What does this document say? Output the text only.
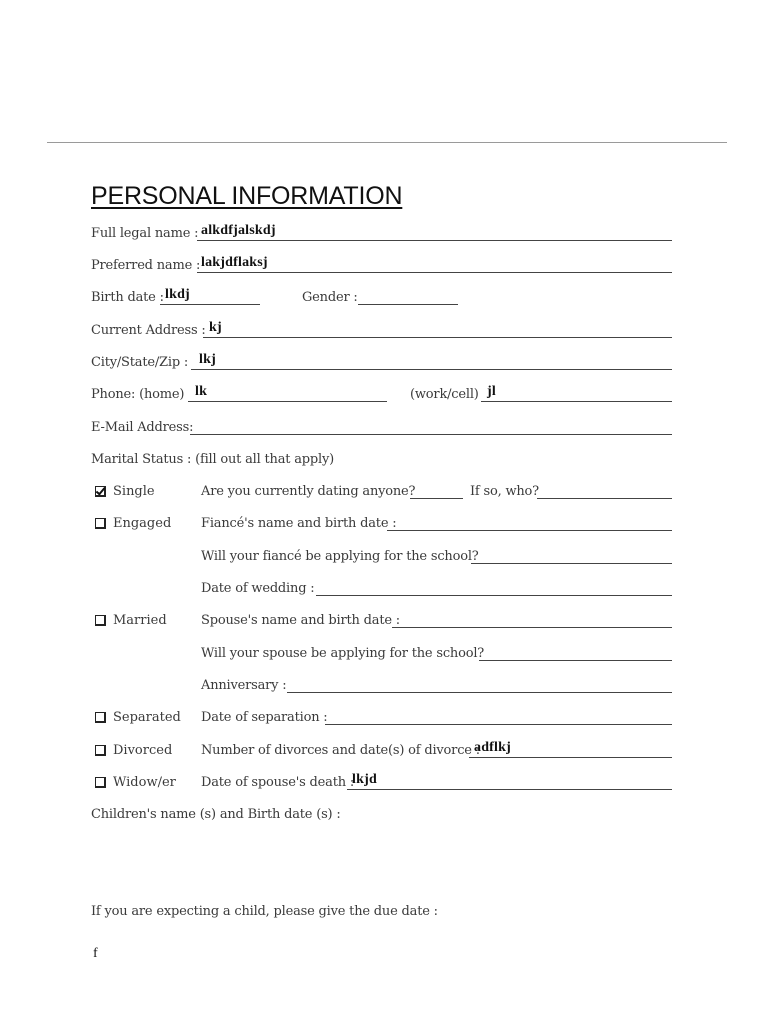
PERSONAL INFORMATION
Full legal name : alkdfjalskdj
Preferred name : lakjdflaksj
Birth date : lkdj	Gender :
Current Address : kj
City/State/Zip : lkj
Phone: (home) lk	(work/cell) jl
E-Mail Address:
Marital Status : (fill out all that apply)
Single	Are you currently dating anyone?	If so, who?
Engaged Fiancé's name and birth date :
Will your fiancé be applying for the school?
Date of wedding :
Married	Spouse's name and birth date :
Will your spouse be applying for the school?
Anniversary :
Separated Date of separation :
Divorced Number of divorces and date(s) of divorce :
adflkj
Widow/er Date of spouse's death :
lkjd
Children's name (s) and Birth date (s) :
If you are expecting a child, please give the due date :
f
